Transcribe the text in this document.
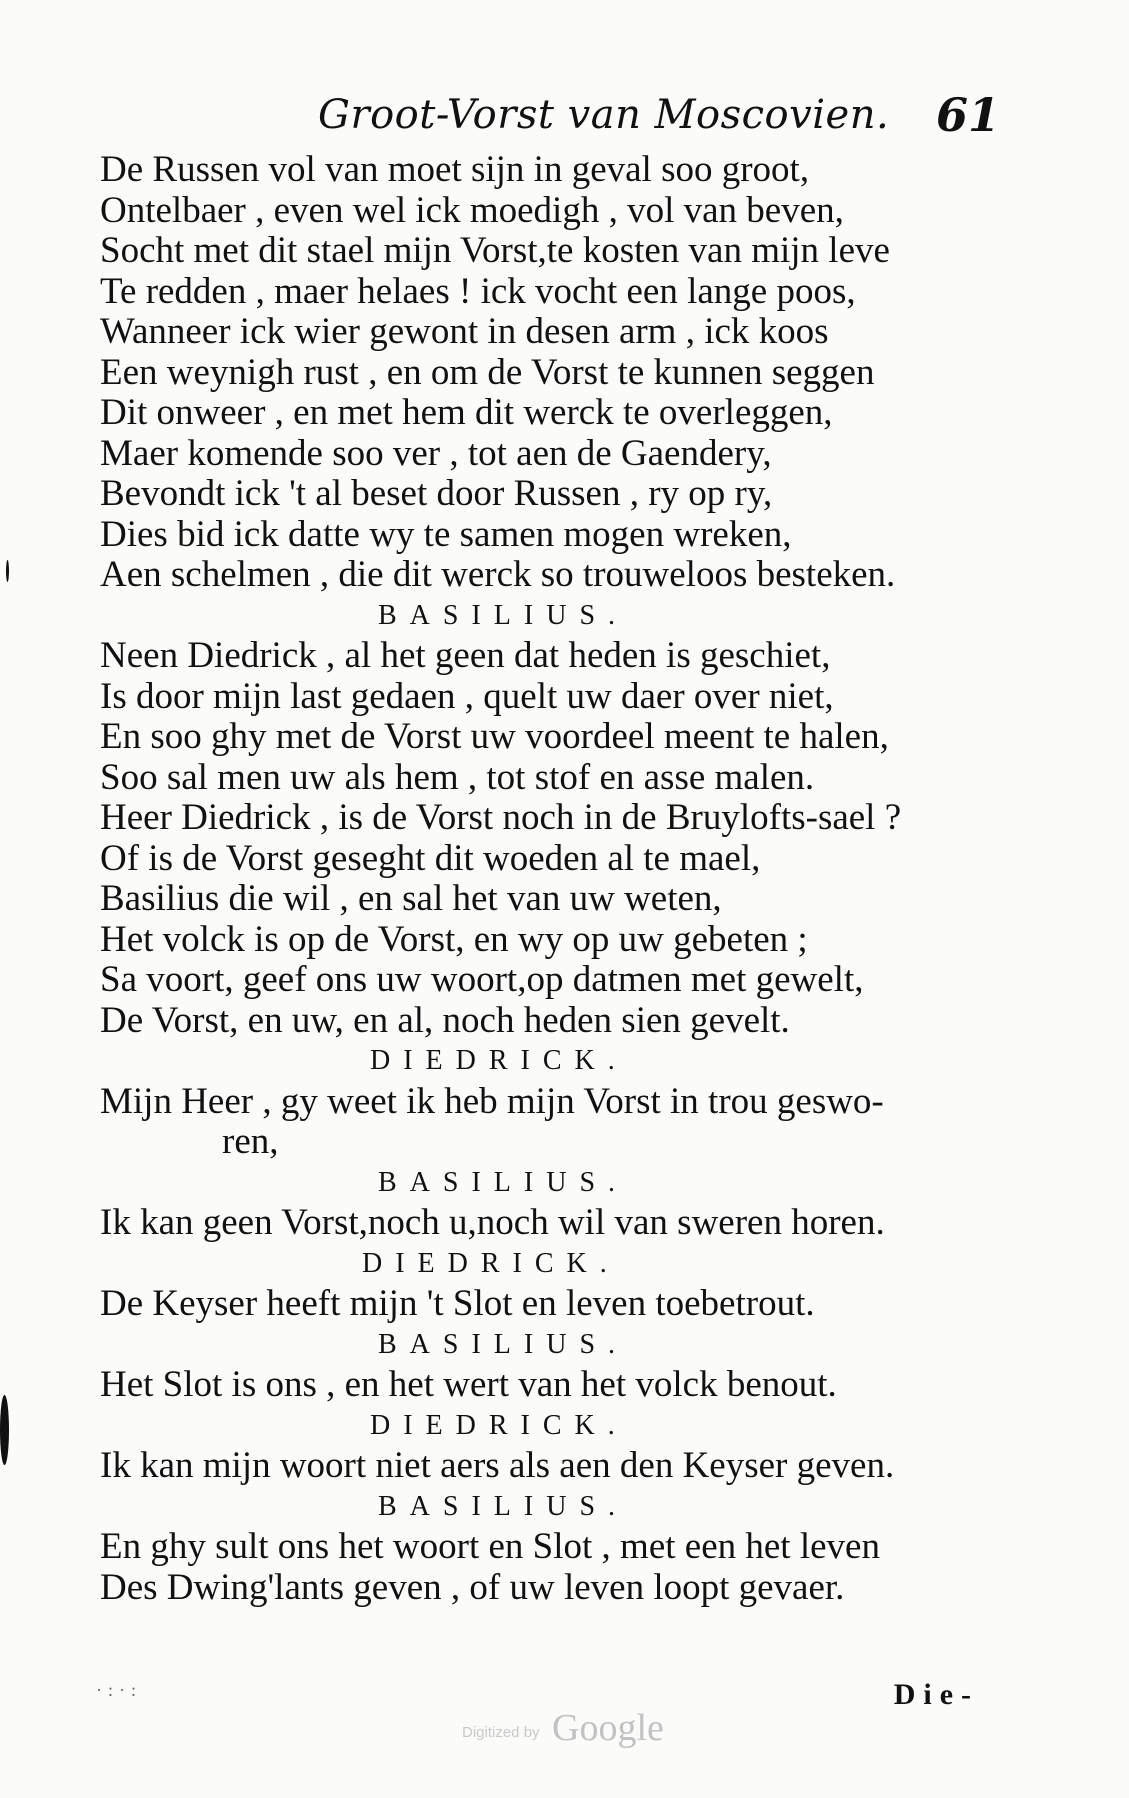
Groot-Vorst van Moscovien. 61
De Russen vol van moet sijn in geval soo groot,
Ontelbaer , even wel ick moedigh , vol van beven,
Socht met dit stael mijn Vorst,te kosten van mijn leve
Te redden , maer helaes ! ick vocht een lange poos,
Wanneer ick wier gewont in desen arm , ick koos
Een weynigh rust , en om de Vorst te kunnen seggen
Dit onweer , en met hem dit werck te overleggen,
Maer komende soo ver , tot aen de Gaendery,
Bevondt ick 't al beset door Russen , ry op ry,
Dies bid ick datte wy te samen mogen wreken,
Aen schelmen , die dit werck so trouweloos besteken.
BASILIUS.
Neen Diedrick , al het geen dat heden is geschiet,
Is door mijn last gedaen , quelt uw daer over niet,
En soo ghy met de Vorst uw voordeel meent te halen,
Soo sal men uw als hem , tot stof en asse malen.
Heer Diedrick , is de Vorst noch in de Bruylofts-sael ?
Of is de Vorst geseght dit woeden al te mael,
Basilius die wil , en sal het van uw weten,
Het volck is op de Vorst, en wy op uw gebeten ;
Sa voort, geef ons uw woort,op datmen met gewelt,
De Vorst, en uw, en al, noch heden sien gevelt.
DIEDRICK.
Mijn Heer , gy weet ik heb mijn Vorst in trou geswo-
ren,
BASILIUS.
Ik kan geen Vorst,noch u,noch wil van sweren horen.
DIEDRICK.
De Keyser heeft mijn 't Slot en leven toebetrout.
BASILIUS.
Het Slot is ons , en het wert van het volck benout.
DIEDRICK.
Ik kan mijn woort niet aers als aen den Keyser geven.
BASILIUS.
En ghy sult ons het woort en Slot , met een het leven
Des Dwing'lants geven , of uw leven loopt gevaer.
Die-
Digitized by Google
·:·:​
